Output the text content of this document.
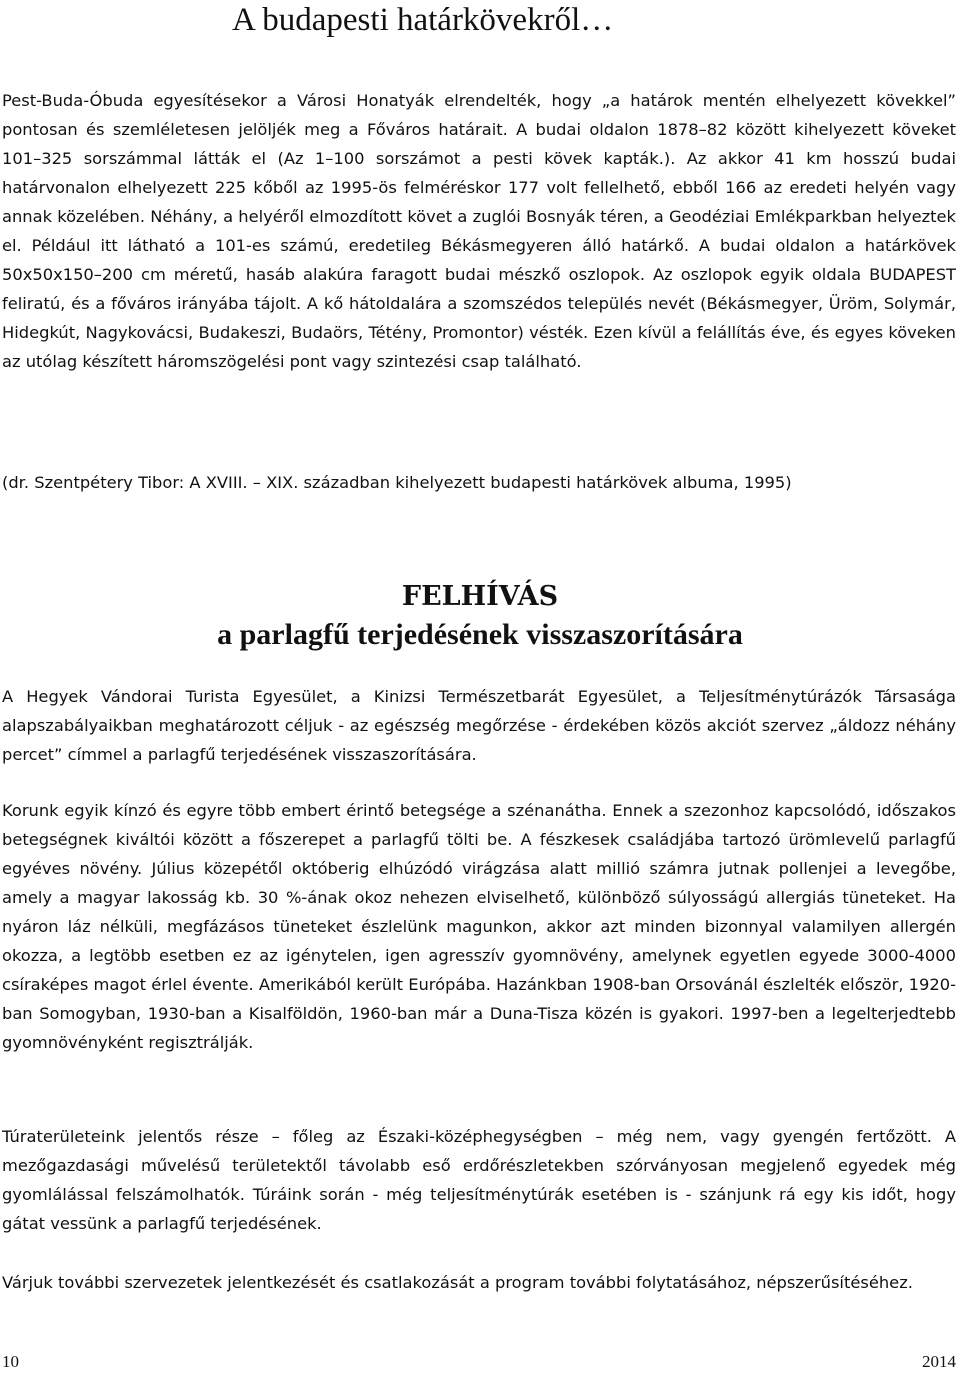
A budapesti határkövekről…

Pest-Buda-Óbuda egyesítésekor a Városi Honatyák elrendelték, hogy „a határok mentén elhelyezett kövekkel” pontosan és szemléletesen jelöljék meg a Főváros határait. A budai oldalon 1878–82 között kihelyezett köveket 101–325 sorszámmal látták el (Az 1–100 sorszámot a pesti kövek kapták.). Az akkor 41 km hosszú budai határvonalon elhelyezett 225 kőből az 1995-ös felméréskor 177 volt fellelhető, ebből 166 az eredeti helyén vagy annak közelében. Néhány, a helyéről elmozdított követ a zuglói Bosnyák téren, a Geodéziai Emlékparkban helyeztek el. Például itt látható a 101-es számú, eredetileg Békásmegyeren álló határkő. A budai oldalon a határkövek 50x50x150–200 cm méretű, hasáb alakúra faragott budai mészkő oszlopok. Az oszlopok egyik oldala BUDAPEST feliratú, és a főváros irányába tájolt. A kő hátoldalára a szomszédos település nevét (Békásmegyer, Üröm, Solymár, Hidegkút, Nagykovácsi, Budakeszi, Budaörs, Tétény, Promontor) vésték. Ezen kívül a felállítás éve, és egyes köveken az utólag készített háromszögelési pont vagy szintezési csap található.

(dr. Szentpétery Tibor: A XVIII. – XIX. században kihelyezett budapesti határkövek albuma, 1995)

FELHÍVÁS
a parlagfű terjedésének visszaszorítására

A Hegyek Vándorai Turista Egyesület, a Kinizsi Természetbarát Egyesület, a Teljesítménytúrázók Társasága alapszabályaikban meghatározott céljuk - az egészség megőrzése - érdekében közös akciót szervez „áldozz néhány percet” címmel a parlagfű terjedésének visszaszorítására.

Korunk egyik kínzó és egyre több embert érintő betegsége a szénanátha. Ennek a szezonhoz kapcsolódó, időszakos betegségnek kiváltói között a főszerepet a parlagfű tölti be. A fészkesek családjába tartozó ürömlevelű parlagfű egyéves növény. Július közepétől októberig elhúzódó virágzása alatt millió számra jutnak pollenjei a levegőbe, amely a magyar lakosság kb. 30 %-ának okoz nehezen elviselhető, különböző súlyosságú allergiás tüneteket. Ha nyáron láz nélküli, megfázásos tüneteket észlelünk magunkon, akkor azt minden bizonnyal valamilyen allergén okozza, a legtöbb esetben ez az igénytelen, igen agresszív gyomnövény, amelynek egyetlen egyede 3000-4000 csíraképes magot érlel évente. Amerikából került Európába. Hazánkban 1908-ban Orsovánál észlelték először, 1920-ban Somogyban, 1930-ban a Kisalföldön, 1960-ban már a Duna-Tisza közén is gyakori. 1997-ben a legelterjedtebb gyomnövényként regisztrálják.

Túraterületeink jelentős része – főleg az Északi-középhegységben – még nem, vagy gyengén fertőzött. A mezőgazdasági művelésű területektől távolabb eső erdőrészletekben szórványosan megjelenő egyedek még gyomlálással felszámolhatók. Túráink során - még teljesítménytúrák esetében is - szánjunk rá egy kis időt, hogy gátat vessünk a parlagfű terjedésének.

Várjuk további szervezetek jelentkezését és csatlakozását a program további folytatásához, népszerűsítéséhez.

10	2014
